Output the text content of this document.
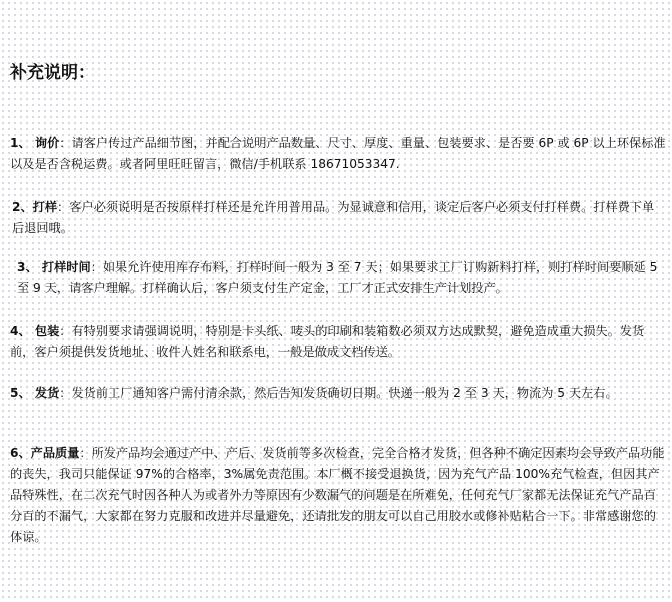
补充说明：

1、 询价：请客户传过产品细节图，并配合说明产品数量、尺寸、厚度、重量、包装要求、是否要 6P 或 6P 以上环保标准以及是否含税运费。或者阿里旺旺留言，微信/手机联系 18671053347.

2、打样：客户必须说明是否按原样打样还是允许用普用品。为显诚意和信用，谈定后客户必须支付打样费。打样费下单后退回哦。

3、 打样时间：如果允许使用库存布料，打样时间一般为 3 至 7 天；如果要求工厂订购新料打样，则打样时间要顺延 5 至 9 天，请客户理解。打样确认后，客户须支付生产定金，工厂才正式安排生产计划投产。

4、 包装：有特别要求请强调说明，特别是卡头纸、唛头的印刷和装箱数必须双方达成默契，避免造成重大损失。发货前，客户须提供发货地址、收件人姓名和联系电，一般是做成文档传送。

5、 发货：发货前工厂通知客户需付清余款，然后告知发货确切日期。快递一般为 2 至 3 天，物流为 5 天左右。

6、产品质量：所发产品均会通过产中、产后、发货前等多次检查，完全合格才发货，但各种不确定因素均会导致产品功能的丧失，我司只能保证 97%的合格率，3%属免责范围。本厂概不接受退换货，因为充气产品 100%充气检查，但因其产品特殊性，在二次充气时因各种人为或者外力等原因有少数漏气的问题是在所难免，任何充气厂家都无法保证充气产品百分百的不漏气，大家都在努力克服和改进并尽量避免，还请批发的朋友可以自己用胶水或修补贴粘合一下。非常感谢您的体谅。
